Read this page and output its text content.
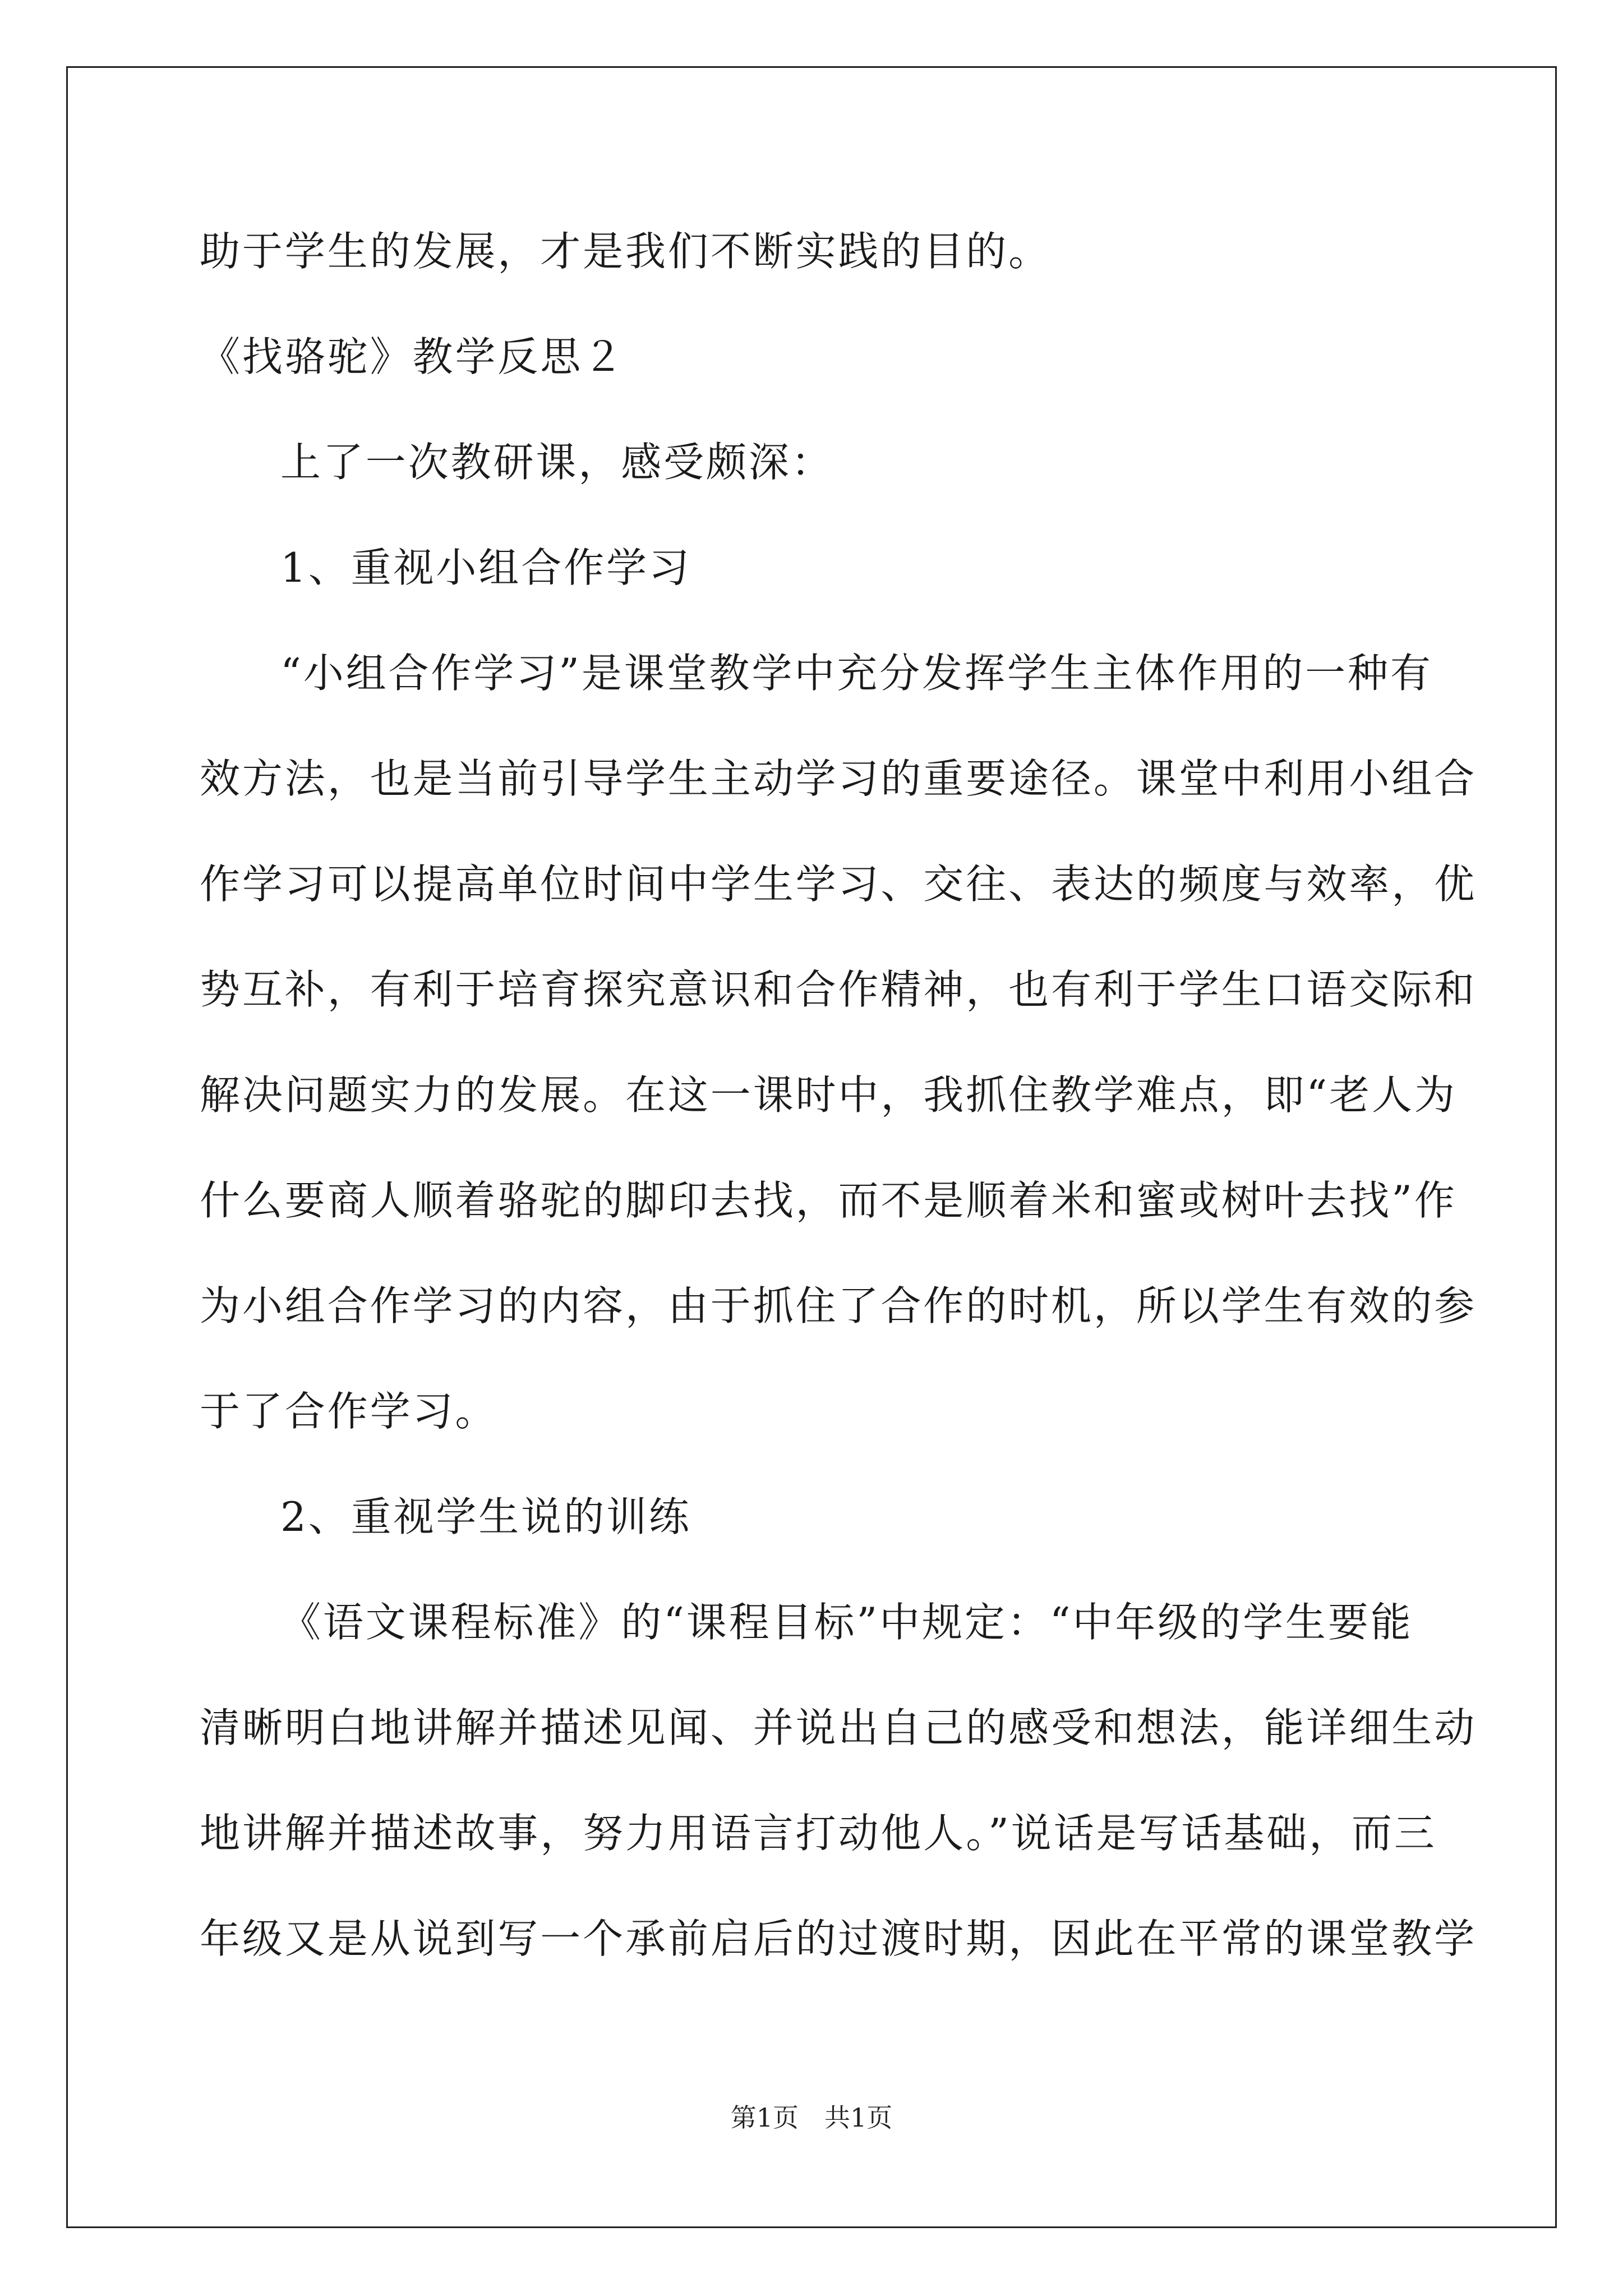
助于学生的发展，才是我们不断实践的目的。
《找骆驼》教学反思２
上了一次教研课，感受颇深：
1、重视小组合作学习
“小组合作学习”是课堂教学中充分发挥学生主体作用的一种有
效方法，也是当前引导学生主动学习的重要途径。课堂中利用小组合
作学习可以提高单位时间中学生学习、交往、表达的频度与效率，优
势互补，有利于培育探究意识和合作精神，也有利于学生口语交际和
解决问题实力的发展。在这一课时中，我抓住教学难点，即“老人为
什么要商人顺着骆驼的脚印去找，而不是顺着米和蜜或树叶去找”作
为小组合作学习的内容，由于抓住了合作的时机，所以学生有效的参
于了合作学习。
2、重视学生说的训练
《语文课程标准》的“课程目标”中规定：“中年级的学生要能
清晰明白地讲解并描述见闻、并说出自己的感受和想法，能详细生动
地讲解并描述故事，努力用语言打动他人。”说话是写话基础，而三
年级又是从说到写一个承前启后的过渡时期，因此在平常的课堂教学
第1页　共1页
